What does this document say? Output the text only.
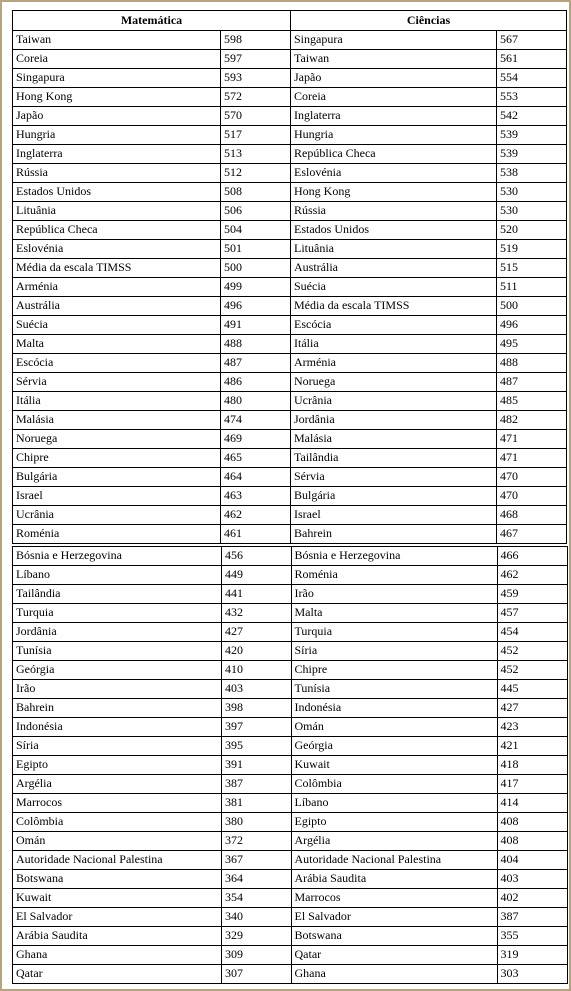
Matemática	Ciências
Taiwan	598	Singapura	567
Coreia	597	Taiwan	561
Singapura	593	Japão	554
Hong Kong	572	Coreia	553
Japão	570	Inglaterra	542
Hungria	517	Hungria	539
Inglaterra	513	República Checa	539
Rússia	512	Eslovénia	538
Estados Unidos	508	Hong Kong	530
Lituânia	506	Rússia	530
República Checa	504	Estados Unidos	520
Eslovénia	501	Lituânia	519
Média da escala TIMSS	500	Austrália	515
Arménia	499	Suécia	511
Austrália	496	Média da escala TIMSS	500
Suécia	491	Escócia	496
Malta	488	Itália	495
Escócia	487	Arménia	488
Sérvia	486	Noruega	487
Itália	480	Ucrânia	485
Malásia	474	Jordânia	482
Noruega	469	Malásia	471
Chipre	465	Tailândia	471
Bulgária	464	Sérvia	470
Israel	463	Bulgária	470
Ucrânia	462	Israel	468
Roménia	461	Bahrein	467
Bósnia e Herzegovina	456	Bósnia e Herzegovina	466
Líbano	449	Roménia	462
Tailândia	441	Irão	459
Turquia	432	Malta	457
Jordânia	427	Turquia	454
Tunísia	420	Síria	452
Geórgia	410	Chipre	452
Irão	403	Tunísia	445
Bahrein	398	Indonésia	427
Indonésia	397	Omán	423
Síria	395	Geórgia	421
Egipto	391	Kuwait	418
Argélia	387	Colômbia	417
Marrocos	381	Líbano	414
Colômbia	380	Egipto	408
Omán	372	Argélia	408
Autoridade Nacional Palestina	367	Autoridade Nacional Palestina	404
Botswana	364	Arábia Saudita	403
Kuwait	354	Marrocos	402
El Salvador	340	El Salvador	387
Arábia Saudita	329	Botswana	355
Ghana	309	Qatar	319
Qatar	307	Ghana	303
